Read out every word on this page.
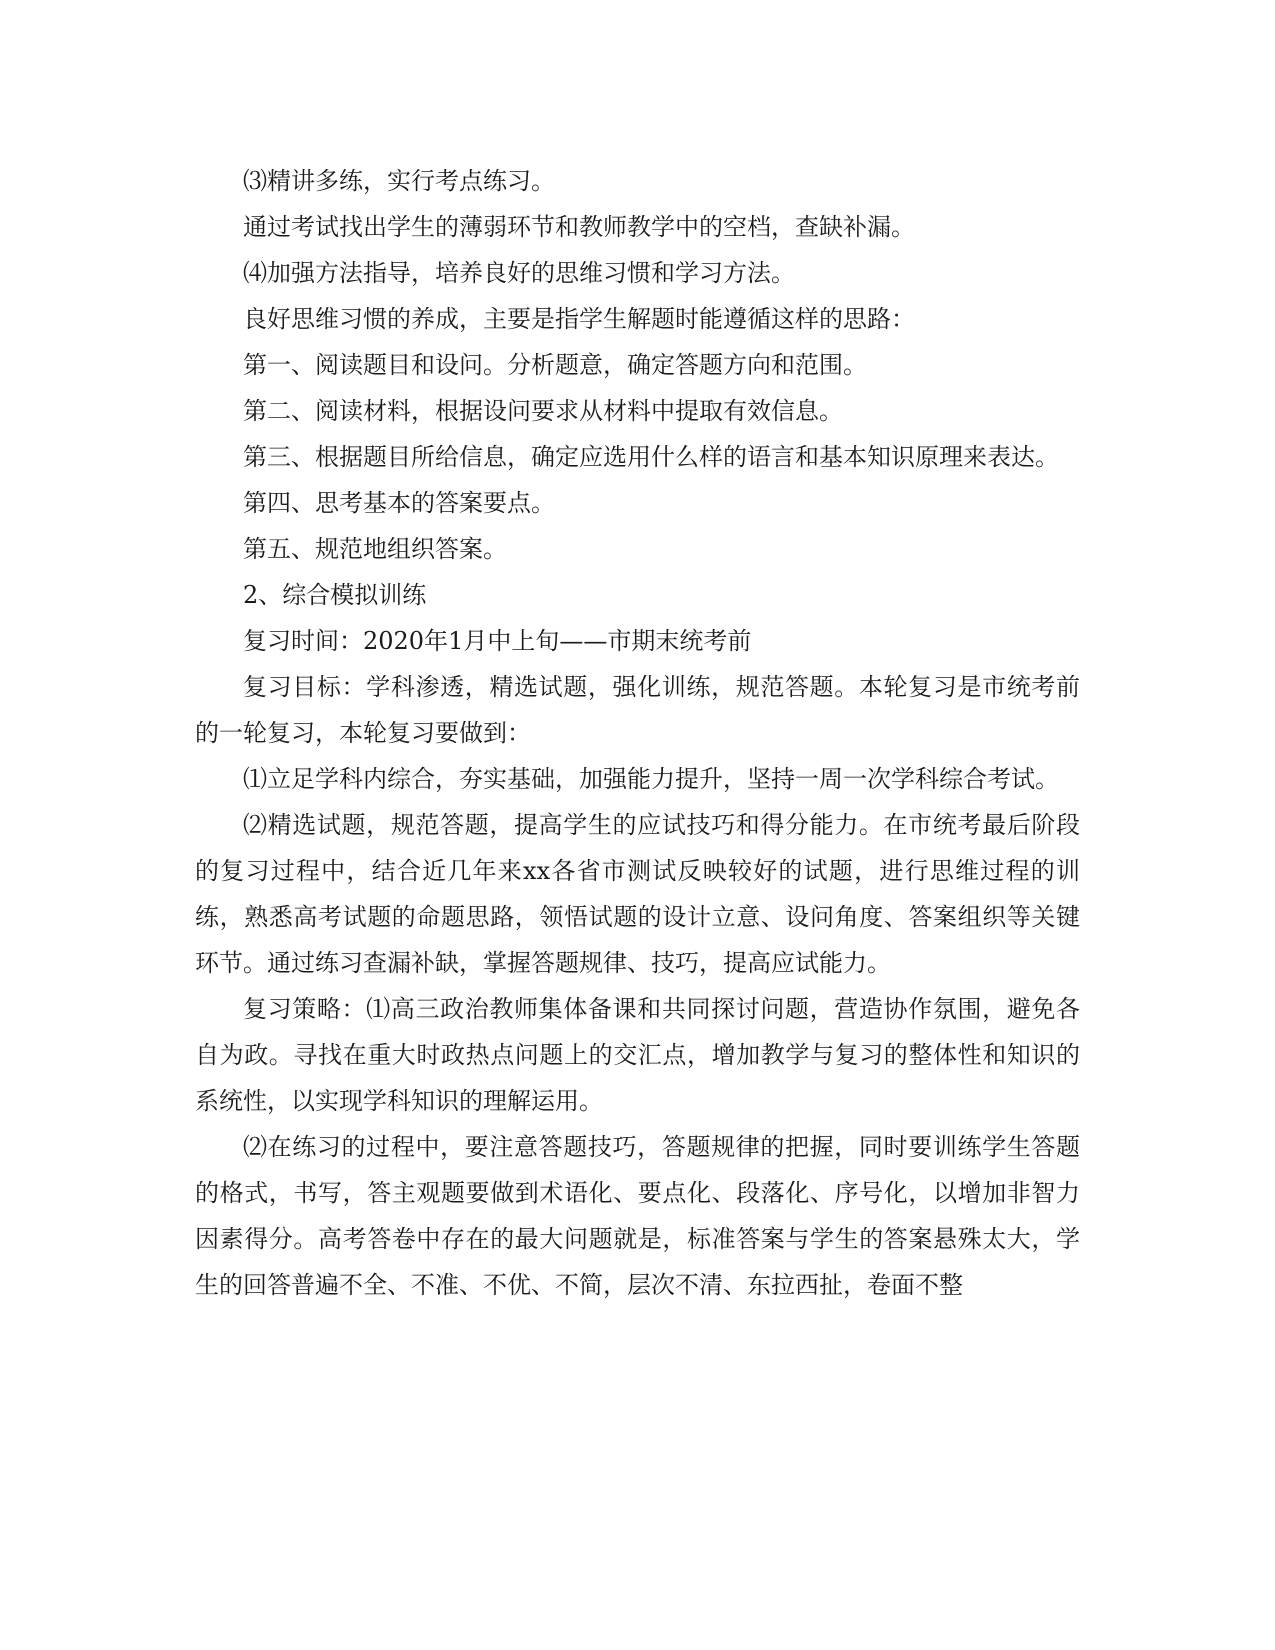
⑶精讲多练，实行考点练习。

通过考试找出学生的薄弱环节和教师教学中的空档，查缺补漏。

⑷加强方法指导，培养良好的思维习惯和学习方法。

良好思维习惯的养成，主要是指学生解题时能遵循这样的思路：

第一、阅读题目和设问。分析题意，确定答题方向和范围。

第二、阅读材料，根据设问要求从材料中提取有效信息。

第三、根据题目所给信息，确定应选用什么样的语言和基本知识原理来表达。

第四、思考基本的答案要点。

第五、规范地组织答案。

2、综合模拟训练

复习时间：2020年1月中上旬——市期末统考前

复习目标：学科渗透，精选试题，强化训练，规范答题。本轮复习是市统考前的一轮复习，本轮复习要做到：

⑴立足学科内综合，夯实基础，加强能力提升，坚持一周一次学科综合考试。

⑵精选试题，规范答题，提高学生的应试技巧和得分能力。在市统考最后阶段的复习过程中，结合近几年来xx各省市测试反映较好的试题，进行思维过程的训练，熟悉高考试题的命题思路，领悟试题的设计立意、设问角度、答案组织等关键环节。通过练习查漏补缺，掌握答题规律、技巧，提高应试能力。

复习策略：⑴高三政治教师集体备课和共同探讨问题，营造协作氛围，避免各自为政。寻找在重大时政热点问题上的交汇点，增加教学与复习的整体性和知识的系统性，以实现学科知识的理解运用。

⑵在练习的过程中，要注意答题技巧，答题规律的把握，同时要训练学生答题的格式，书写，答主观题要做到术语化、要点化、段落化、序号化，以增加非智力因素得分。高考答卷中存在的最大问题就是，标准答案与学生的答案悬殊太大，学生的回答普遍不全、不准、不优、不简，层次不清、东拉西扯，卷面不整
